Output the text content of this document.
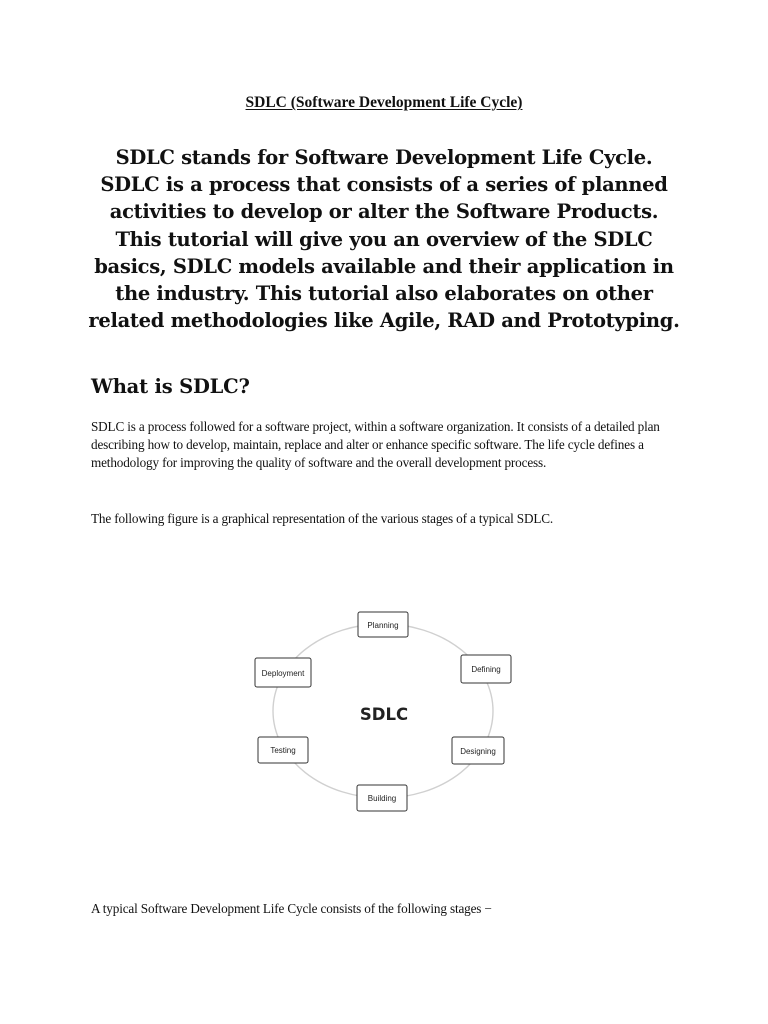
SDLC (Software Development Life Cycle)
SDLC stands for Software Development Life Cycle. SDLC is a process that consists of a series of planned activities to develop or alter the Software Products. This tutorial will give you an overview of the SDLC basics, SDLC models available and their application in the industry. This tutorial also elaborates on other related methodologies like Agile, RAD and Prototyping.
What is SDLC?
SDLC is a process followed for a software project, within a software organization. It consists of a detailed plan describing how to develop, maintain, replace and alter or enhance specific software. The life cycle defines a methodology for improving the quality of software and the overall development process.
The following figure is a graphical representation of the various stages of a typical SDLC.
Planning
Defining
Designing
Building
Testing
Deployment
SDLC
A typical Software Development Life Cycle consists of the following stages −
